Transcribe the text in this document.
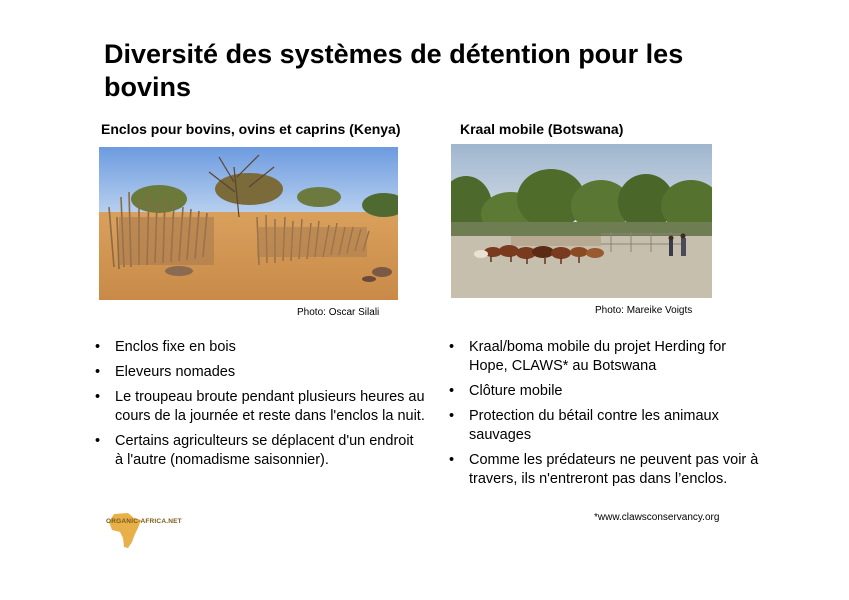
Diversité des systèmes de détention pour les bovins
Enclos pour bovins, ovins et caprins (Kenya)	Kraal mobile (Botswana)
Photo: Oscar Silali	Photo: Mareike Voigts
• Enclos fixe en bois
• Eleveurs nomades
• Le troupeau broute pendant plusieurs heures au cours de la journée et reste dans l'enclos la nuit.
• Certains agriculteurs se déplacent d'un endroit à l'autre (nomadisme saisonnier).
• Kraal/boma mobile du projet Herding for Hope, CLAWS* au Botswana
• Clôture mobile
• Protection du bétail contre les animaux sauvages
• Comme les prédateurs ne peuvent pas voir à travers, ils n'entreront pas dans l’enclos.
*www.clawsconservancy.org
ORGANIC-AFRICA.NET
